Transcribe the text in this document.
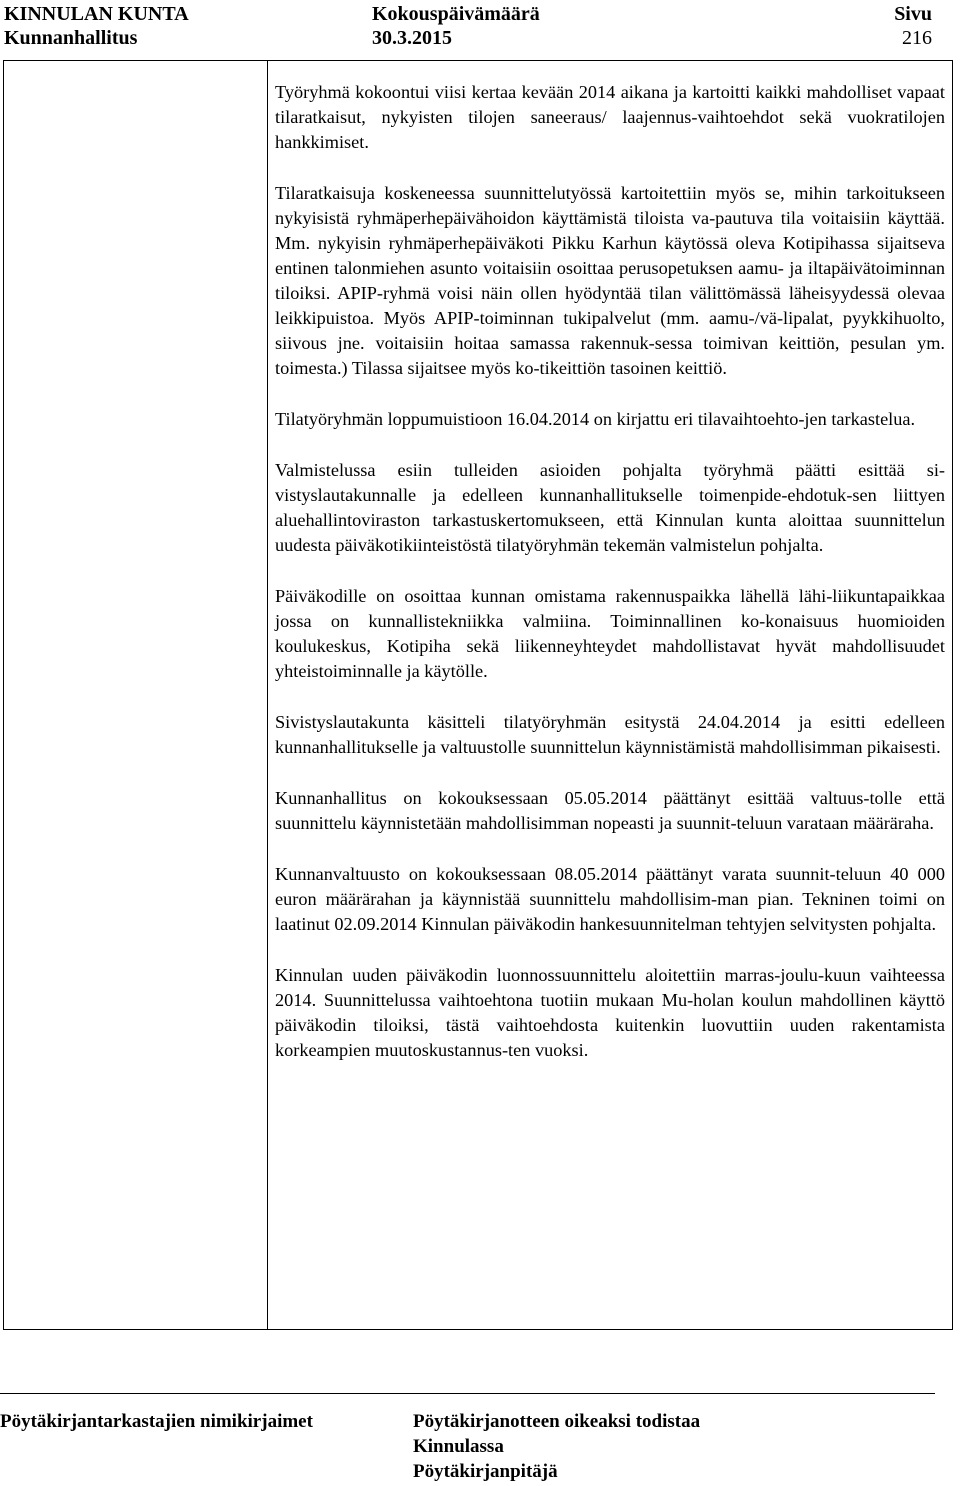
KINNULAN KUNTA
Kunnanhallitus
Kokouspäivämäärä
30.3.2015
Sivu
216

Työryhmä kokoontui viisi kertaa kevään 2014 aikana ja kartoitti kaikki mahdolliset vapaat tilaratkaisut, nykyisten tilojen saneeraus/ laajennus-vaihtoehdot sekä vuokratilojen hankkimiset.

Tilaratkaisuja koskeneessa suunnittelutyössä kartoitettiin myös se, mihin tarkoitukseen nykyisistä ryhmäperhepäivähoidon käyttämistä tiloista va-pautuva tila voitaisiin käyttää. Mm. nykyisin ryhmäperhepäiväkoti Pikku Karhun käytössä oleva Kotipihassa sijaitseva entinen talonmiehen asunto voitaisiin osoittaa perusopetuksen aamu- ja iltapäivätoiminnan tiloiksi. APIP-ryhmä voisi näin ollen hyödyntää tilan välittömässä läheisyydessä olevaa leikkipuistoa. Myös APIP-toiminnan tukipalvelut (mm. aamu-/vä-lipalat, pyykkihuolto, siivous jne. voitaisiin hoitaa samassa rakennuk-sessa toimivan keittiön, pesulan ym. toimesta.) Tilassa sijaitsee myös ko-tikeittiön tasoinen keittiö.

Tilatyöryhmän loppumuistioon 16.04.2014 on kirjattu eri tilavaihtoehto-jen tarkastelua.

Valmistelussa esiin tulleiden asioiden pohjalta työryhmä päätti esittää si-vistyslautakunnalle ja edelleen kunnanhallitukselle toimenpide-ehdotuk-sen liittyen aluehallintoviraston tarkastuskertomukseen, että Kinnulan kunta aloittaa suunnittelun uudesta päiväkotikiinteistöstä tilatyöryhmän tekemän valmistelun pohjalta.

Päiväkodille on osoittaa kunnan omistama rakennuspaikka lähellä lähi-liikuntapaikkaa jossa on kunnallistekniikka valmiina. Toiminnallinen ko-konaisuus huomioiden koulukeskus, Kotipiha sekä liikenneyhteydet mahdollistavat hyvät mahdollisuudet yhteistoiminnalle ja käytölle.

Sivistyslautakunta käsitteli tilatyöryhmän esitystä 24.04.2014 ja esitti edelleen kunnanhallitukselle ja valtuustolle suunnittelun käynnistämistä mahdollisimman pikaisesti.

Kunnanhallitus on kokouksessaan 05.05.2014 päättänyt esittää valtuus-tolle että suunnittelu käynnistetään mahdollisimman nopeasti ja suunnit-teluun varataan määräraha.

Kunnanvaltuusto on kokouksessaan 08.05.2014 päättänyt varata suunnit-teluun 40 000 euron määrärahan ja käynnistää suunnittelu mahdollisim-man pian. Tekninen toimi on laatinut 02.09.2014 Kinnulan päiväkodin hankesuunnitelman tehtyjen selvitysten pohjalta.

Kinnulan uuden päiväkodin luonnossuunnittelu aloitettiin marras-joulu-kuun vaihteessa 2014. Suunnittelussa vaihtoehtona tuotiin mukaan Mu-holan koulun mahdollinen käyttö päiväkodin tiloiksi, tästä vaihtoehdosta kuitenkin luovuttiin uuden rakentamista korkeampien muutoskustannus-ten vuoksi.

Pöytäkirjantarkastajien nimikirjaimet	Pöytäkirjanotteen oikeaksi todistaa
Kinnulassa
Pöytäkirjanpitäjä
